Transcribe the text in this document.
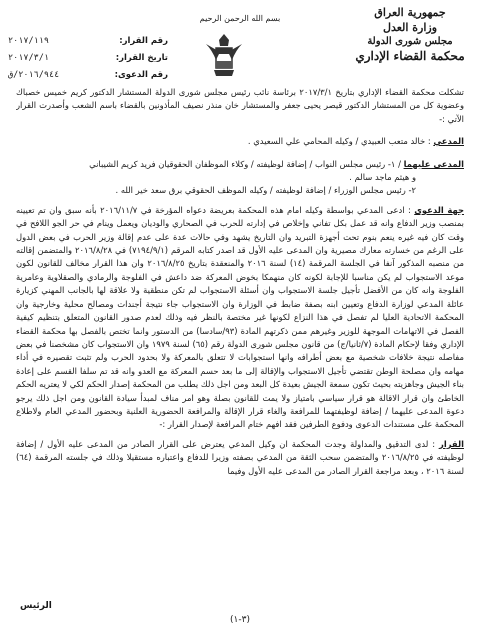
بسم الله الرحمن الرحيم	جمهورية العراق
وزارة العدل
مجلس شورى الدولة
محكمة القضاء الإداري
رقم القرار:
٢٠١٧/١١٩
تاريخ القرار:
٢٠١٧/٣/١
رقم الدعوى:
٢٠١٦/٩٤٤/ق

تشكلت محكمة القضاء الإداري بتاريخ ٢٠١٧/٣/١ برئاسة نائب رئيس مجلس شورى الدولة المستشار الدكتور كريم خميس خصباك وعضوية كل من المستشار الدكتور قيصر يحيى جعفر والمستشار خان منذر نصيف المأذونين بالقضاء باسم الشعب وأصدرت القرار الآتي :-

المدعي : خالد متعب العبيدي / وكيله المحامي علي السعيدي .

المدعى عليهما / ١- رئيس مجلس النواب / إضافة لوظيفته / وكلاء الموظفان الحقوقيان فريد كريم الشيباني

و هيثم ماجد سالم .

٢- رئيس مجلس الوزراء / إضافة لوظيفته / وكيله الموظف الحقوقي برق سعد خير الله .

جهة الدعوى : ادعى المدعي بواسطة وكيله امام هذه المحكمة بعريضة دعواه المؤرخة في ٢٠١٦/١١/٧ بأنه سبق وان تم تعيينه بمنصب وزير الدفاع وانه قد عمل بكل تفاني وإخلاص في إدارته للحرب في الصحاري والوديان ويعمل وينام في حر الجو اللافح في وقت كان فيه غيره ينعم بنوم تحت أجهزة التبريد وان التاريخ يشهد وفي حالات عدة على عدم إقالة وزير الحرب في بعض الدول على الرغم من خسارته معارك مصيرية وان المدعى عليه الأول قد اصدر كتابه المرقم (٧١٩٤/٩/١) في ٢٠١٦/٨/٢٨ والمتضمن إقالته من منصبه المذكور آنفا في الجلسة المرقمة (١٤) لسنة ٢٠١٦ والمنعقدة بتاريخ ٢٠١٦/٨/٢٥ وان هذا القرار مخالف للقانون لكون موعد الاستجواب لم يكن مناسبا للإجابة لكونه كان منهمكا بخوض المعركة ضد داعش في الفلوجة والرمادي والصقلاوية وعامرية الفلوجة وانه كان من الأفضل تأجيل جلسة الاستجواب وان أسئلة الاستجواب لم تكن منطقية ولا علاقة لها بالجانب المهني كزيارة عائلة المدعي لوزارة الدفاع وتعيين ابنه بصفة ضابط في الوزارة وان الاستجواب جاء نتيجة أجندات ومصالح محلية وخارجية وان المحكمة الاتحادية العليا لم تفصل في هذا النزاع لكونها غير مختصة بالنظر فيه وذلك لعدم صدور القانون المتعلق بتنظيم كيفية الفصل في الاتهامات الموجهة للوزير وغيرهم ممن ذكرتهم المادة (٩٣/سادسا) من الدستور وانما تختص بالفصل بها محكمة القضاء الإداري وفقا لإحكام المادة (٧/ثانيا/ج) من قانون مجلس شورى الدولة رقم (٦٥) لسنة ١٩٧٩ وان الاستجواب كان مشخصنا في بعض مفاصله نتيجة خلافات شخصية مع بعض أطرافه وانها استجوابات لا تتعلق بالمعركة ولا بحدود الحرب ولم تثبت تقصيره في أداء مهامه وان مصلحة الوطن تقتضي تأجيل الاستجواب والإقالة إلى ما بعد حسم المعركة مع العدو وانه قد تم سلفا القسم على إعادة بناء الجيش وجاهزيته بحيث تكون سمعة الجيش بعيدة كل البعد ومن اجل ذلك يطلب من المحكمة إصدار الحكم لكي لا يعتريه الحكم الخاطئ وان قرار الاقالة هو قرار سياسي بامتياز ولا يمت للقانون بصلة وهو امر مناف لمبدأ سيادة القانون ومن اجل ذلك يرجو دعوة المدعى عليهما / إضافة لوظيفتهما للمرافعة والغاء قرار الإقالة والمرافعة الحضورية العلنية وبحضور المدعي العام ولاطلاع المحكمة على مستندات الدعوى ودفوع الطرفين فقد افهم ختام المرافعة لإصدار القرار :-

القرار : لدى التدقيق والمداولة وجدت المحكمة ان وكيل المدعي يعترض على القرار الصادر من المدعى عليه الأول / إضافة لوظيفته في ٢٠١٦/٨/٢٥ والمتضمن سحب الثقة من المدعي بصفته وزيرا للدفاع واعتباره مستقيلا وذلك في جلسته المرقمة (٦٤) لسنة ٢٠١٦ ، وبعد مراجعة القرار الصادر من المدعى عليه الأول وفيما

الرئيس
(٣-١)
